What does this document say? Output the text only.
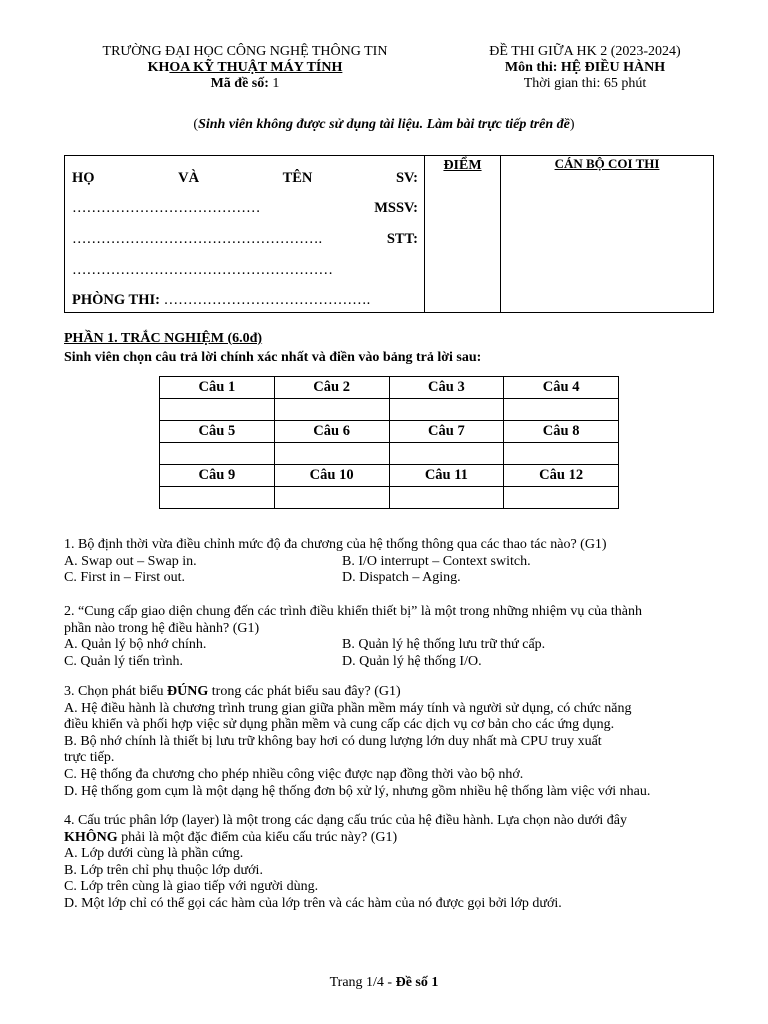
TRƯỜNG ĐẠI HỌC CÔNG NGHỆ THÔNG TIN
KHOA KỸ THUẬT MÁY TÍNH
Mã đề số: 1
ĐỀ THI GIỮA HK 2 (2023-2024)
Môn thi: HỆ ĐIỀU HÀNH
Thời gian thi: 65 phút
(Sinh viên không được sử dụng tài liệu. Làm bài trực tiếp trên đề)
HỌ	VÀ	TÊN	SV:
…………………………………	MSSV:
…………………………………………….	STT:
………………………………………………
PHÒNG THI: …………………………………….
ĐIỂM	CÁN BỘ COI THI
PHẦN 1. TRẮC NGHIỆM (6.0đ)
Sinh viên chọn câu trả lời chính xác nhất và điền vào bảng trả lời sau:
Câu 1	Câu 2	Câu 3	Câu 4

Câu 5	Câu 6	Câu 7	Câu 8

Câu 9	Câu 10	Câu 11	Câu 12

1. Bộ định thời vừa điều chỉnh mức độ đa chương của hệ thống thông qua các thao tác nào? (G1)
A. Swap out – Swap in.	B. I/O interrupt – Context switch.
C. First in – First out.	D. Dispatch – Aging.
2. “Cung cấp giao diện chung đến các trình điều khiển thiết bị” là một trong những nhiệm vụ của thành
phần nào trong hệ điều hành? (G1)
A. Quản lý bộ nhớ chính.	B. Quản lý hệ thống lưu trữ thứ cấp.
C. Quản lý tiến trình.	D. Quản lý hệ thống I/O.
3. Chọn phát biểu ĐÚNG trong các phát biểu sau đây? (G1)
A. Hệ điều hành là chương trình trung gian giữa phần mềm máy tính và người sử dụng, có chức năng
điều khiển và phối hợp việc sử dụng phần mềm và cung cấp các dịch vụ cơ bản cho các ứng dụng.
B. Bộ nhớ chính là thiết bị lưu trữ không bay hơi có dung lượng lớn duy nhất mà CPU truy xuất
trực tiếp.
C. Hệ thống đa chương cho phép nhiều công việc được nạp đồng thời vào bộ nhớ.
D. Hệ thống gom cụm là một dạng hệ thống đơn bộ xử lý, nhưng gồm nhiều hệ thống làm việc với nhau.
4. Cấu trúc phân lớp (layer) là một trong các dạng cấu trúc của hệ điều hành. Lựa chọn nào dưới đây
KHÔNG phải là một đặc điểm của kiểu cấu trúc này? (G1)
A. Lớp dưới cùng là phần cứng.
B. Lớp trên chỉ phụ thuộc lớp dưới.
C. Lớp trên cùng là giao tiếp với người dùng.
D. Một lớp chỉ có thể gọi các hàm của lớp trên và các hàm của nó được gọi bởi lớp dưới.
Trang 1/4 - Đề số 1
